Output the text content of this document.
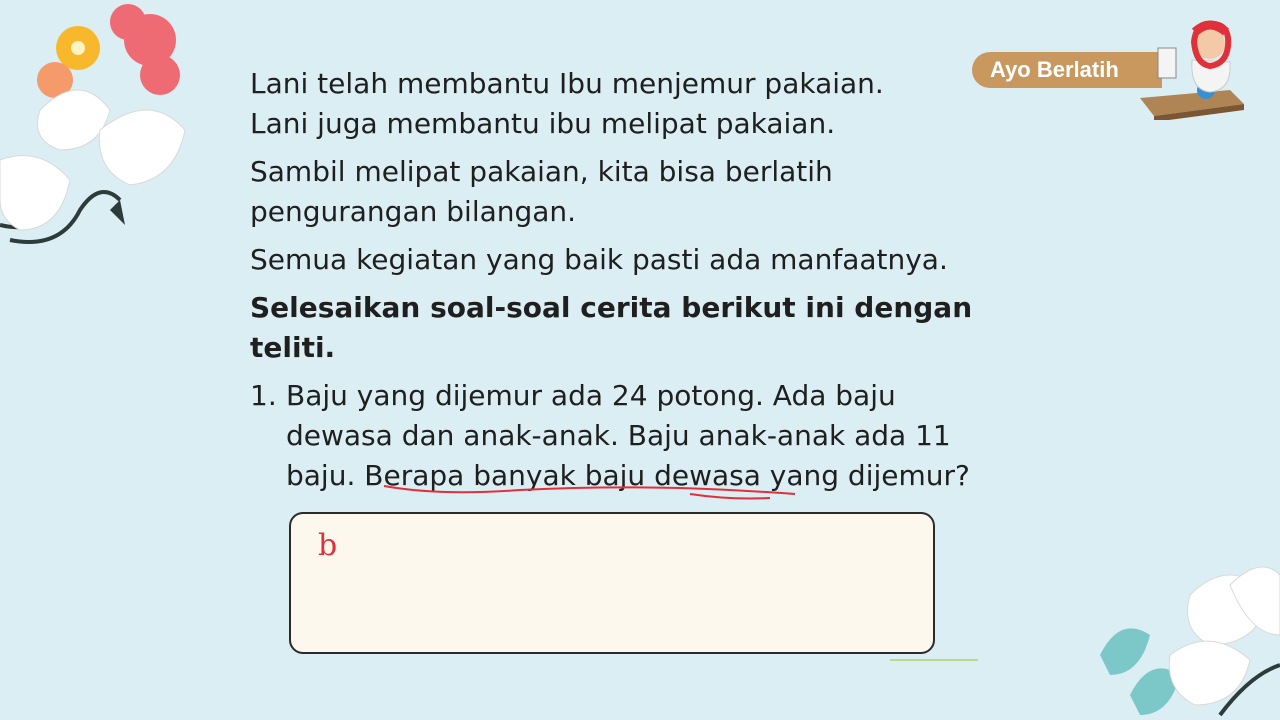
Ayo Berlatih

Lani telah membantu Ibu menjemur pakaian.
Lani juga membantu ibu melipat pakaian.

Sambil melipat pakaian, kita bisa berlatih
pengurangan bilangan.

Semua kegiatan yang baik pasti ada manfaatnya.

Selesaikan soal-soal cerita berikut ini dengan
teliti.

1. Baju yang dijemur ada 24 potong. Ada baju
dewasa dan anak-anak. Baju anak-anak ada 11
baju. Berapa banyak baju dewasa yang dijemur?
b
